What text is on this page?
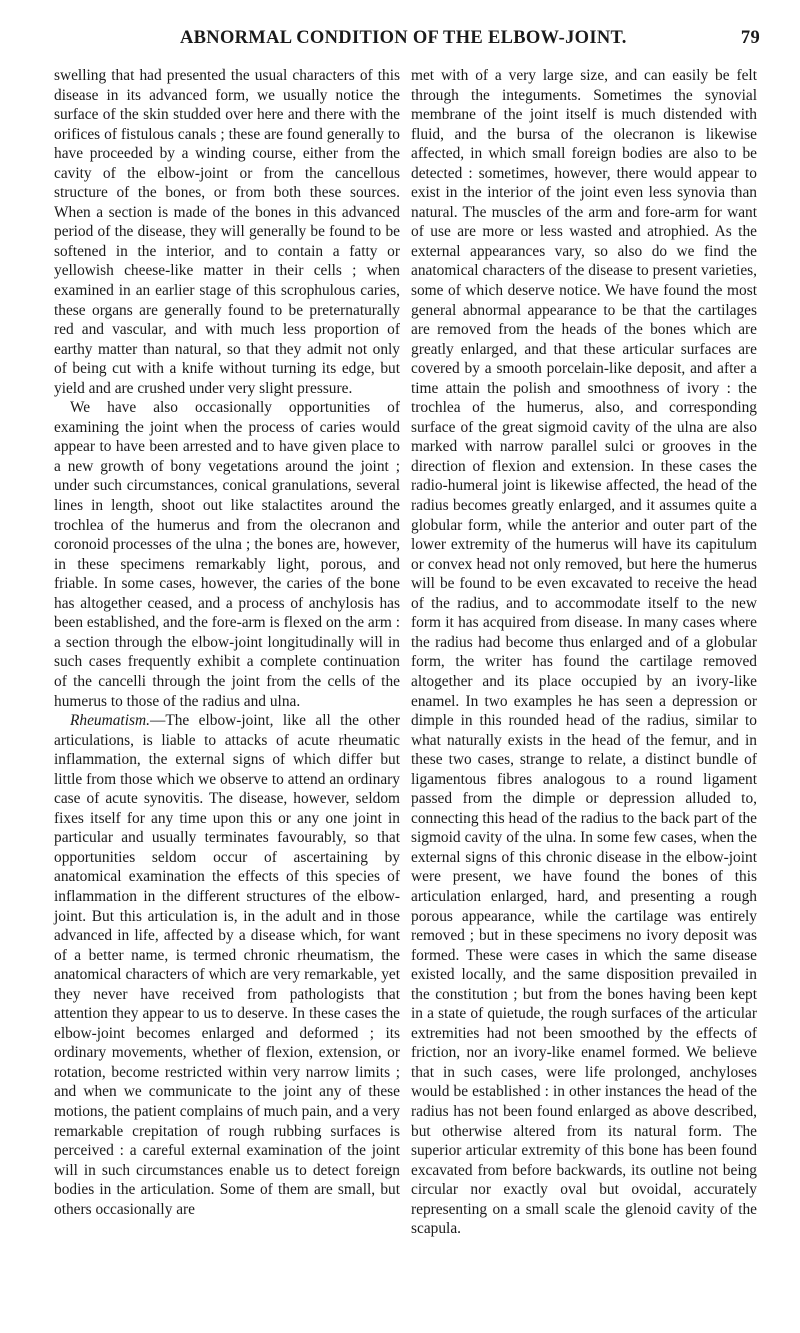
ABNORMAL CONDITION OF THE ELBOW-JOINT.	79

swelling that had presented the usual characters of this disease in its advanced form, we usually notice the surface of the skin studded over here and there with the orifices of fistulous canals ; these are found generally to have proceeded by a winding course, either from the cavity of the elbow-joint or from the cancellous structure of the bones, or from both these sources. When a section is made of the bones in this advanced period of the disease, they will generally be found to be softened in the interior, and to contain a fatty or yellowish cheese-like matter in their cells ; when examined in an earlier stage of this scrophulous caries, these organs are generally found to be preternaturally red and vascular, and with much less proportion of earthy matter than natural, so that they admit not only of being cut with a knife without turning its edge, but yield and are crushed under very slight pressure.

We have also occasionally opportunities of examining the joint when the process of caries would appear to have been arrested and to have given place to a new growth of bony vegetations around the joint ; under such circumstances, conical granulations, several lines in length, shoot out like stalactites around the trochlea of the humerus and from the olecranon and coronoid processes of the ulna ; the bones are, however, in these specimens remarkably light, porous, and friable. In some cases, however, the caries of the bone has altogether ceased, and a process of anchylosis has been established, and the fore-arm is flexed on the arm : a section through the elbow-joint longitudinally will in such cases frequently exhibit a complete continuation of the cancelli through the joint from the cells of the humerus to those of the radius and ulna.

Rheumatism.—The elbow-joint, like all the other articulations, is liable to attacks of acute rheumatic inflammation, the external signs of which differ but little from those which we observe to attend an ordinary case of acute synovitis. The disease, however, seldom fixes itself for any time upon this or any one joint in particular and usually terminates favourably, so that opportunities seldom occur of ascertaining by anatomical examination the effects of this species of inflammation in the different structures of the elbow-joint. But this articulation is, in the adult and in those advanced in life, affected by a disease which, for want of a better name, is termed chronic rheumatism, the anatomical characters of which are very remarkable, yet they never have received from pathologists that attention they appear to us to deserve. In these cases the elbow-joint becomes enlarged and deformed ; its ordinary movements, whether of flexion, extension, or rotation, become restricted within very narrow limits ; and when we communicate to the joint any of these motions, the patient complains of much pain, and a very remarkable crepitation of rough rubbing surfaces is perceived : a careful external examination of the joint will in such circumstances enable us to detect foreign bodies in the articulation. Some of them are small, but others occasionally are

met with of a very large size, and can easily be felt through the integuments. Sometimes the synovial membrane of the joint itself is much distended with fluid, and the bursa of the olecranon is likewise affected, in which small foreign bodies are also to be detected : sometimes, however, there would appear to exist in the interior of the joint even less synovia than natural. The muscles of the arm and fore-arm for want of use are more or less wasted and atrophied. As the external appearances vary, so also do we find the anatomical characters of the disease to present varieties, some of which deserve notice. We have found the most general abnormal appearance to be that the cartilages are removed from the heads of the bones which are greatly enlarged, and that these articular surfaces are covered by a smooth porcelain-like deposit, and after a time attain the polish and smoothness of ivory : the trochlea of the humerus, also, and corresponding surface of the great sigmoid cavity of the ulna are also marked with narrow parallel sulci or grooves in the direction of flexion and extension. In these cases the radio-humeral joint is likewise affected, the head of the radius becomes greatly enlarged, and it assumes quite a globular form, while the anterior and outer part of the lower extremity of the humerus will have its capitulum or convex head not only removed, but here the humerus will be found to be even excavated to receive the head of the radius, and to accommodate itself to the new form it has acquired from disease. In many cases where the radius had become thus enlarged and of a globular form, the writer has found the cartilage removed altogether and its place occupied by an ivory-like enamel. In two examples he has seen a depression or dimple in this rounded head of the radius, similar to what naturally exists in the head of the femur, and in these two cases, strange to relate, a distinct bundle of ligamentous fibres analogous to a round ligament passed from the dimple or depression alluded to, connecting this head of the radius to the back part of the sigmoid cavity of the ulna. In some few cases, when the external signs of this chronic disease in the elbow-joint were present, we have found the bones of this articulation enlarged, hard, and presenting a rough porous appearance, while the cartilage was entirely removed ; but in these specimens no ivory deposit was formed. These were cases in which the same disease existed locally, and the same disposition prevailed in the constitution ; but from the bones having been kept in a state of quietude, the rough surfaces of the articular extremities had not been smoothed by the effects of friction, nor an ivory-like enamel formed. We believe that in such cases, were life prolonged, anchyloses would be established : in other instances the head of the radius has not been found enlarged as above described, but otherwise altered from its natural form. The superior articular extremity of this bone has been found excavated from before backwards, its outline not being circular nor exactly oval but ovoidal, accurately representing on a small scale the glenoid cavity of the scapula.
